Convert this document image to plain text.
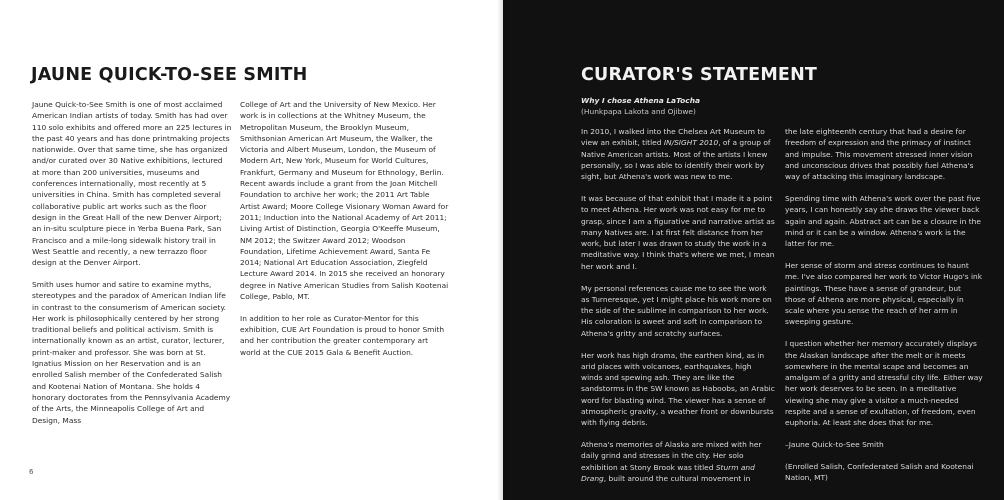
JAUNE QUICK-TO-SEE SMITH

Jaune Quick-to-See Smith is one of most acclaimed American Indian artists of today. Smith has had over 110 solo exhibits and offered more an 225 lectures in the past 40 years and has done printmaking projects nationwide. Over that same time, she has organized and/or curated over 30 Native exhibitions, lectured at more than 200 universities, museums and conferences internationally, most recently at 5 universities in China. Smith has completed several collaborative public art works such as the floor design in the Great Hall of the new Denver Airport; an in-situ sculpture piece in Yerba Buena Park, San Francisco and a mile-long sidewalk history trail in West Seattle and recently, a new terrazzo floor design at the Denver Airport.

Smith uses humor and satire to examine myths, stereotypes and the paradox of American Indian life in contrast to the consumerism of American society. Her work is philosophically centered by her strong traditional beliefs and political activism. Smith is internationally known as an artist, curator, lecturer, print-maker and professor. She was born at St. Ignatius Mission on her Reservation and is an enrolled Salish member of the Confederated Salish and Kootenai Nation of Montana. She holds 4 honorary doctorates from the Pennsylvania Academy of the Arts, the Minneapolis College of Art and Design, Mass

College of Art and the University of New Mexico. Her work is in collections at the Whitney Museum, the Metropolitan Museum, the Brooklyn Museum, Smithsonian American Art Museum, the Walker, the Victoria and Albert Museum, London, the Museum of Modern Art, New York, Museum for World Cultures, Frankfurt, Germany and Museum for Ethnology, Berlin. Recent awards include a grant from the Joan Mitchell Foundation to archive her work; the 2011 Art Table Artist Award; Moore College Visionary Woman Award for 2011; Induction into the National Academy of Art 2011; Living Artist of Distinction, Georgia O'Keeffe Museum, NM 2012; the Switzer Award 2012; Woodson Foundation, Lifetime Achievement Award, Santa Fe 2014; National Art Education Association, Ziegfeld Lecture Award 2014. In 2015 she received an honorary degree in Native American Studies from Salish Kootenai College, Pablo, MT.

In addition to her role as Curator-Mentor for this exhibition, CUE Art Foundation is proud to honor Smith and her contribution the greater contemporary art world at the CUE 2015 Gala & Benefit Auction.

6
CURATOR'S STATEMENT
Why I chose Athena LaTocha
(Hunkpapa Lakota and Ojibwe)

In 2010, I walked into the Chelsea Art Museum to view an exhibit, titled IN/SIGHT 2010, of a group of Native American artists. Most of the artists I knew personally, so I was able to identify their work by sight, but Athena's work was new to me.

It was because of that exhibit that I made it a point to meet Athena. Her work was not easy for me to grasp, since I am a figurative and narrative artist as many Natives are. I at first felt distance from her work, but later I was drawn to study the work in a meditative way. I think that's where we met, I mean her work and I.

My personal references cause me to see the work as Turneresque, yet I might place his work more on the side of the sublime in comparison to her work. His coloration is sweet and soft in comparison to Athena's gritty and scratchy surfaces.

Her work has high drama, the earthen kind, as in arid places with volcanoes, earthquakes, high winds and spewing ash. They are like the sandstorms in the SW known as Haboobs, an Arabic word for blasting wind. The viewer has a sense of atmospheric gravity, a weather front or downbursts with flying debris.

Athena's memories of Alaska are mixed with her daily grind and stresses in the city. Her solo exhibition at Stony Brook was titled Sturm and Drang, built around the cultural movement in

the late eighteenth century that had a desire for freedom of expression and the primacy of instinct and impulse. This movement stressed inner vision and unconscious drives that possibly fuel Athena's way of attacking this imaginary landscape.

Spending time with Athena's work over the past five years, I can honestly say she draws the viewer back again and again. Abstract art can be a closure in the mind or it can be a window. Athena's work is the latter for me.

Her sense of storm and stress continues to haunt me. I've also compared her work to Victor Hugo's ink paintings. These have a sense of grandeur, but those of Athena are more physical, especially in scale where you sense the reach of her arm in sweeping gesture.

I question whether her memory accurately displays the Alaskan landscape after the melt or it meets somewhere in the mental scape and becomes an amalgam of a gritty and stressful city life. Either way her work deserves to be seen. In a meditative viewing she may give a visitor a much-needed respite and a sense of exultation, of freedom, even euphoria. At least she does that for me.

–Jaune Quick-to-See Smith

(Enrolled Salish, Confederated Salish and Kootenai Nation, MT)
